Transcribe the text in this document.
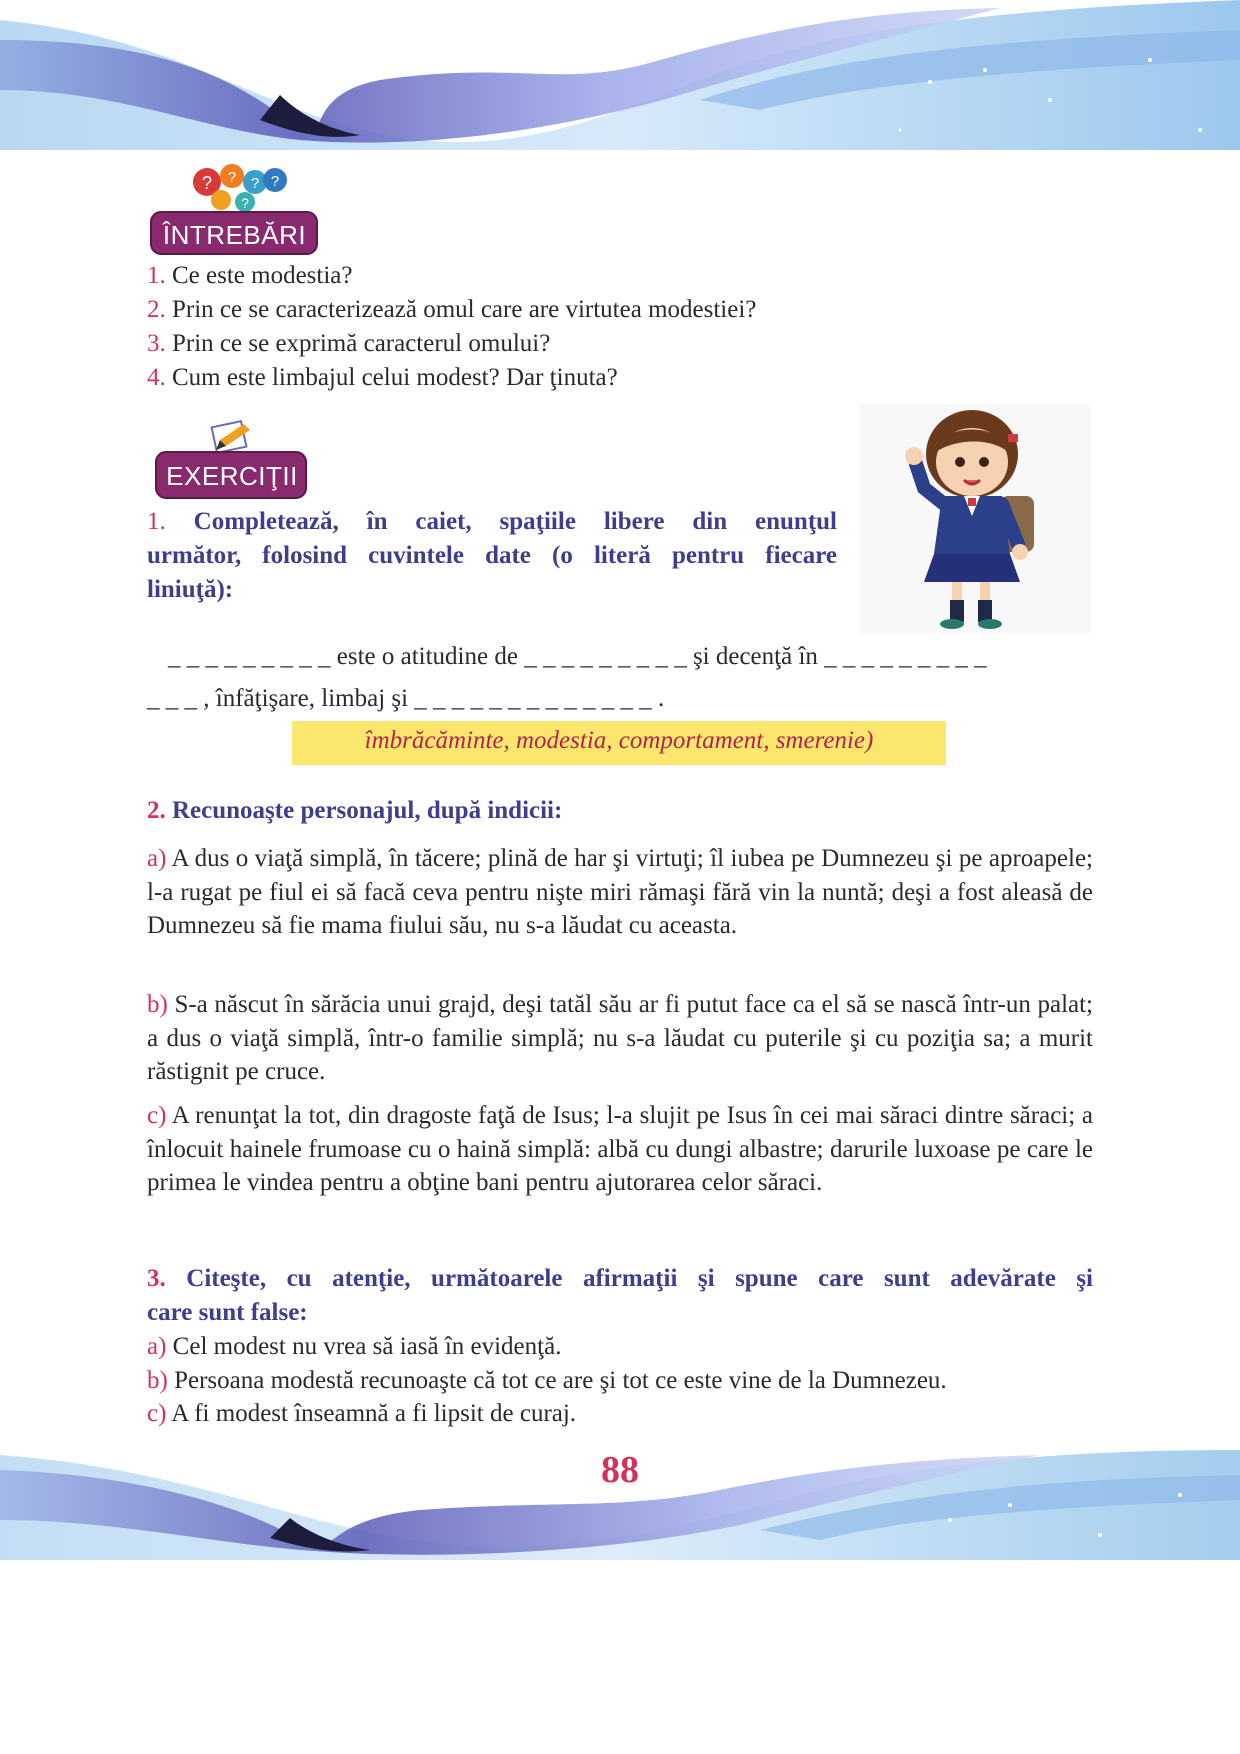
? ? ? ?
?
ÎNTREBĂRI
1. Ce este modestia?
2. Prin ce se caracterizează omul care are virtutea modestiei?
3. Prin ce se exprimă caracterul omului?
4. Cum este limbajul celui modest? Dar ţinuta?
EXERCIŢII
1. Completează, în caiet, spaţiile libere din enunţul
următor, folosind cuvintele date (o literă pentru fiecare
liniuţă):
_ _ _ _ _ _ _ _ _ este o atitudine de _ _ _ _ _ _ _ _ _ şi decenţă în _ _ _ _ _ _ _ _ _
_ _ _ , înfăţişare, limbaj şi _ _ _ _ _ _ _ _ _ _ _ _ _ .
îmbrăcăminte, modestia, comportament, smerenie)
2. Recunoaşte personajul, după indicii:
a) A dus o viaţă simplă, în tăcere; plină de har şi virtuţi; îl iubea pe Dumnezeu şi pe aproapele; l-a rugat pe fiul ei să facă ceva pentru nişte miri rămaşi fără vin la nuntă; deşi a fost aleasă de Dumnezeu să fie mama fiului său, nu s-a lăudat cu aceasta.
b) S-a născut în sărăcia unui grajd, deşi tatăl său ar fi putut face ca el să se nască într-un palat; a dus o viaţă simplă, într-o familie simplă; nu s-a lăudat cu puterile şi cu poziţia sa; a murit răstignit pe cruce.
c) A renunţat la tot, din dragoste faţă de Isus; l-a slujit pe Isus în cei mai săraci dintre săraci; a înlocuit hainele frumoase cu o haină simplă: albă cu dungi albastre; darurile luxoase pe care le primea le vindea pentru a obţine bani pentru ajutorarea celor săraci.
3. Citeşte, cu atenţie, următoarele afirmaţii şi spune care sunt adevărate şi
care sunt false:
a) Cel modest nu vrea să iasă în evidenţă.
b) Persoana modestă recunoaşte că tot ce are şi tot ce este vine de la Dumnezeu.
c) A fi modest înseamnă a fi lipsit de curaj.
88
